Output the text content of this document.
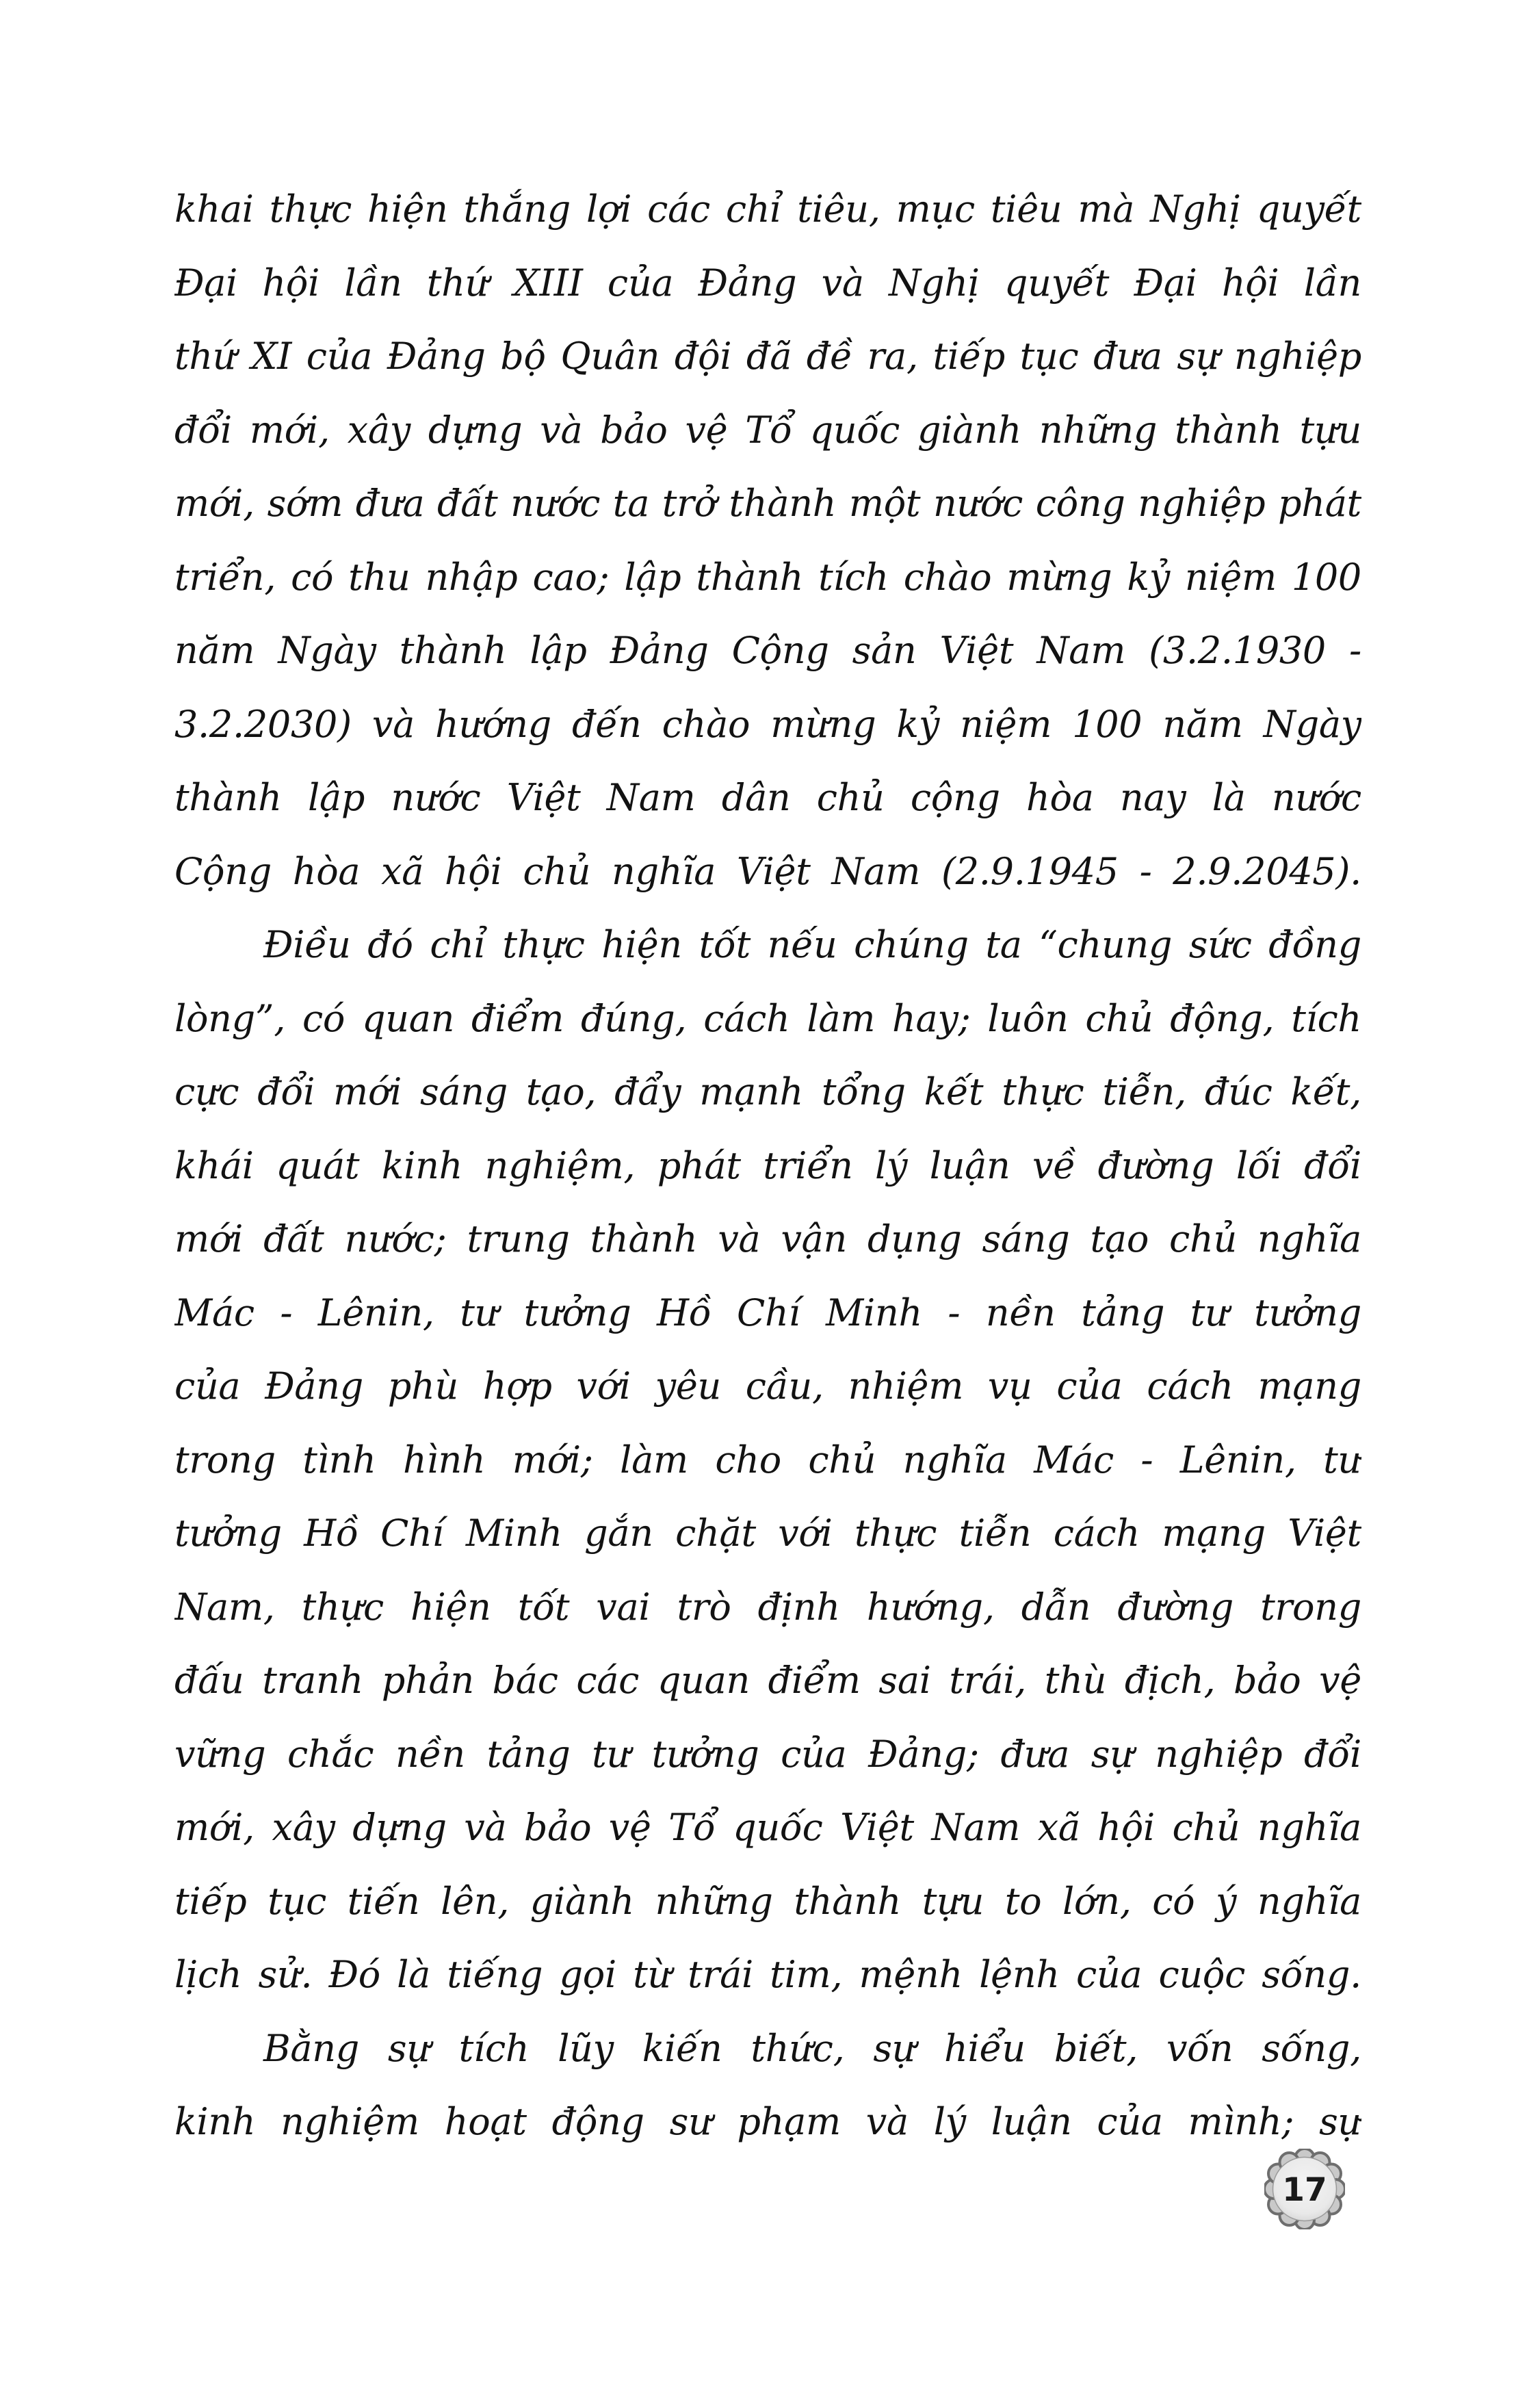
khai thực hiện thắng lợi các chỉ tiêu, mục tiêu mà Nghị quyết
Đại hội lần thứ XIII của Đảng và Nghị quyết Đại hội lần
thứ XI của Đảng bộ Quân đội đã đề ra, tiếp tục đưa sự nghiệp
đổi mới, xây dựng và bảo vệ Tổ quốc giành những thành tựu
mới, sớm đưa đất nước ta trở thành một nước công nghiệp phát
triển, có thu nhập cao; lập thành tích chào mừng kỷ niệm 100
năm Ngày thành lập Đảng Cộng sản Việt Nam (3.2.1930 -
3.2.2030) và hướng đến chào mừng kỷ niệm 100 năm Ngày
thành lập nước Việt Nam dân chủ cộng hòa nay là nước
Cộng hòa xã hội chủ nghĩa Việt Nam (2.9.1945 - 2.9.2045).
Điều đó chỉ thực hiện tốt nếu chúng ta “chung sức đồng
lòng”, có quan điểm đúng, cách làm hay; luôn chủ động, tích
cực đổi mới sáng tạo, đẩy mạnh tổng kết thực tiễn, đúc kết,
khái quát kinh nghiệm, phát triển lý luận về đường lối đổi
mới đất nước; trung thành và vận dụng sáng tạo chủ nghĩa
Mác - Lênin, tư tưởng Hồ Chí Minh - nền tảng tư tưởng
của Đảng phù hợp với yêu cầu, nhiệm vụ của cách mạng
trong tình hình mới; làm cho chủ nghĩa Mác - Lênin, tư
tưởng Hồ Chí Minh gắn chặt với thực tiễn cách mạng Việt
Nam, thực hiện tốt vai trò định hướng, dẫn đường trong
đấu tranh phản bác các quan điểm sai trái, thù địch, bảo vệ
vững chắc nền tảng tư tưởng của Đảng; đưa sự nghiệp đổi
mới, xây dựng và bảo vệ Tổ quốc Việt Nam xã hội chủ nghĩa
tiếp tục tiến lên, giành những thành tựu to lớn, có ý nghĩa
lịch sử. Đó là tiếng gọi từ trái tim, mệnh lệnh của cuộc sống.
Bằng sự tích lũy kiến thức, sự hiểu biết, vốn sống,
kinh nghiệm hoạt động sư phạm và lý luận của mình; sự
17
